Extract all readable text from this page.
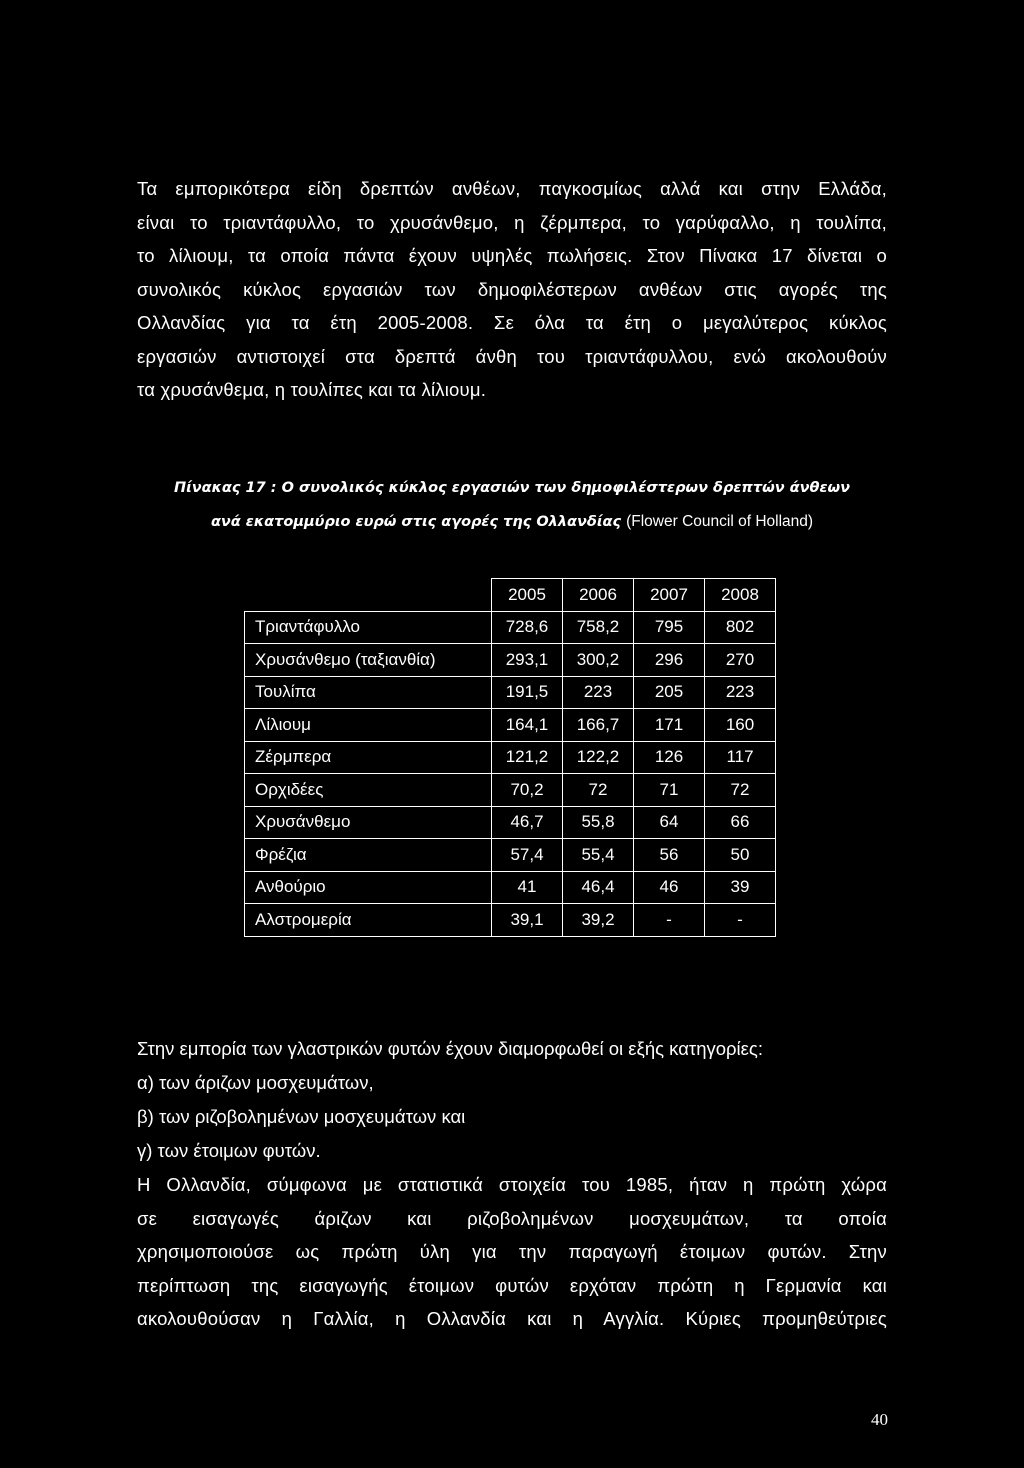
Τα εμπορικότερα είδη δρεπτών ανθέων, παγκοσμίως αλλά και στην Ελλάδα,
είναι το τριαντάφυλλο, το χρυσάνθεμο, η ζέρμπερα, το γαρύφαλλο, η τουλίπα,
το λίλιουμ, τα οποία πάντα έχουν υψηλές πωλήσεις. Στον Πίνακα 17 δίνεται ο
συνολικός κύκλος εργασιών των δημοφιλέστερων ανθέων στις αγορές της
Ολλανδίας για τα έτη 2005-2008. Σε όλα τα έτη ο μεγαλύτερος κύκλος
εργασιών αντιστοιχεί στα δρεπτά άνθη του τριαντάφυλλου, ενώ ακολουθούν
τα χρυσάνθεμα, η τουλίπες και τα λίλιουμ.
Πίνακας 17 : Ο συνολικός κύκλος εργασιών των δημοφιλέστερων δρεπτών άνθεων
ανά εκατομμύριο ευρώ στις αγορές της Ολλανδίας (Flower Council of Holland)
	2005	2006	2007	2008
Τριαντάφυλλο	728,6	758,2	795	802
Χρυσάνθεμο (ταξιανθία)	293,1	300,2	296	270
Τουλίπα	191,5	223	205	223
Λίλιουμ	164,1	166,7	171	160
Ζέρμπερα	121,2	122,2	126	117
Ορχιδέες	70,2	72	71	72
Χρυσάνθεμο	46,7	55,8	64	66
Φρέζια	57,4	55,4	56	50
Ανθούριο	41	46,4	46	39
Αλστρομερία	39,1	39,2	-	-
Στην εμπορία των γλαστρικών φυτών έχουν διαμορφωθεί οι εξής κατηγορίες:
α) των άριζων μοσχευμάτων,
β) των ριζοβολημένων μοσχευμάτων και
γ) των έτοιμων φυτών.
Η Ολλανδία, σύμφωνα με στατιστικά στοιχεία του 1985, ήταν η πρώτη χώρα
σε εισαγωγές άριζων και ριζοβολημένων μοσχευμάτων, τα οποία
χρησιμοποιούσε ως πρώτη ύλη για την παραγωγή έτοιμων φυτών. Στην
περίπτωση της εισαγωγής έτοιμων φυτών ερχόταν πρώτη η Γερμανία και
ακολουθούσαν η Γαλλία, η Ολλανδία και η Αγγλία. Κύριες προμηθεύτριες
40
